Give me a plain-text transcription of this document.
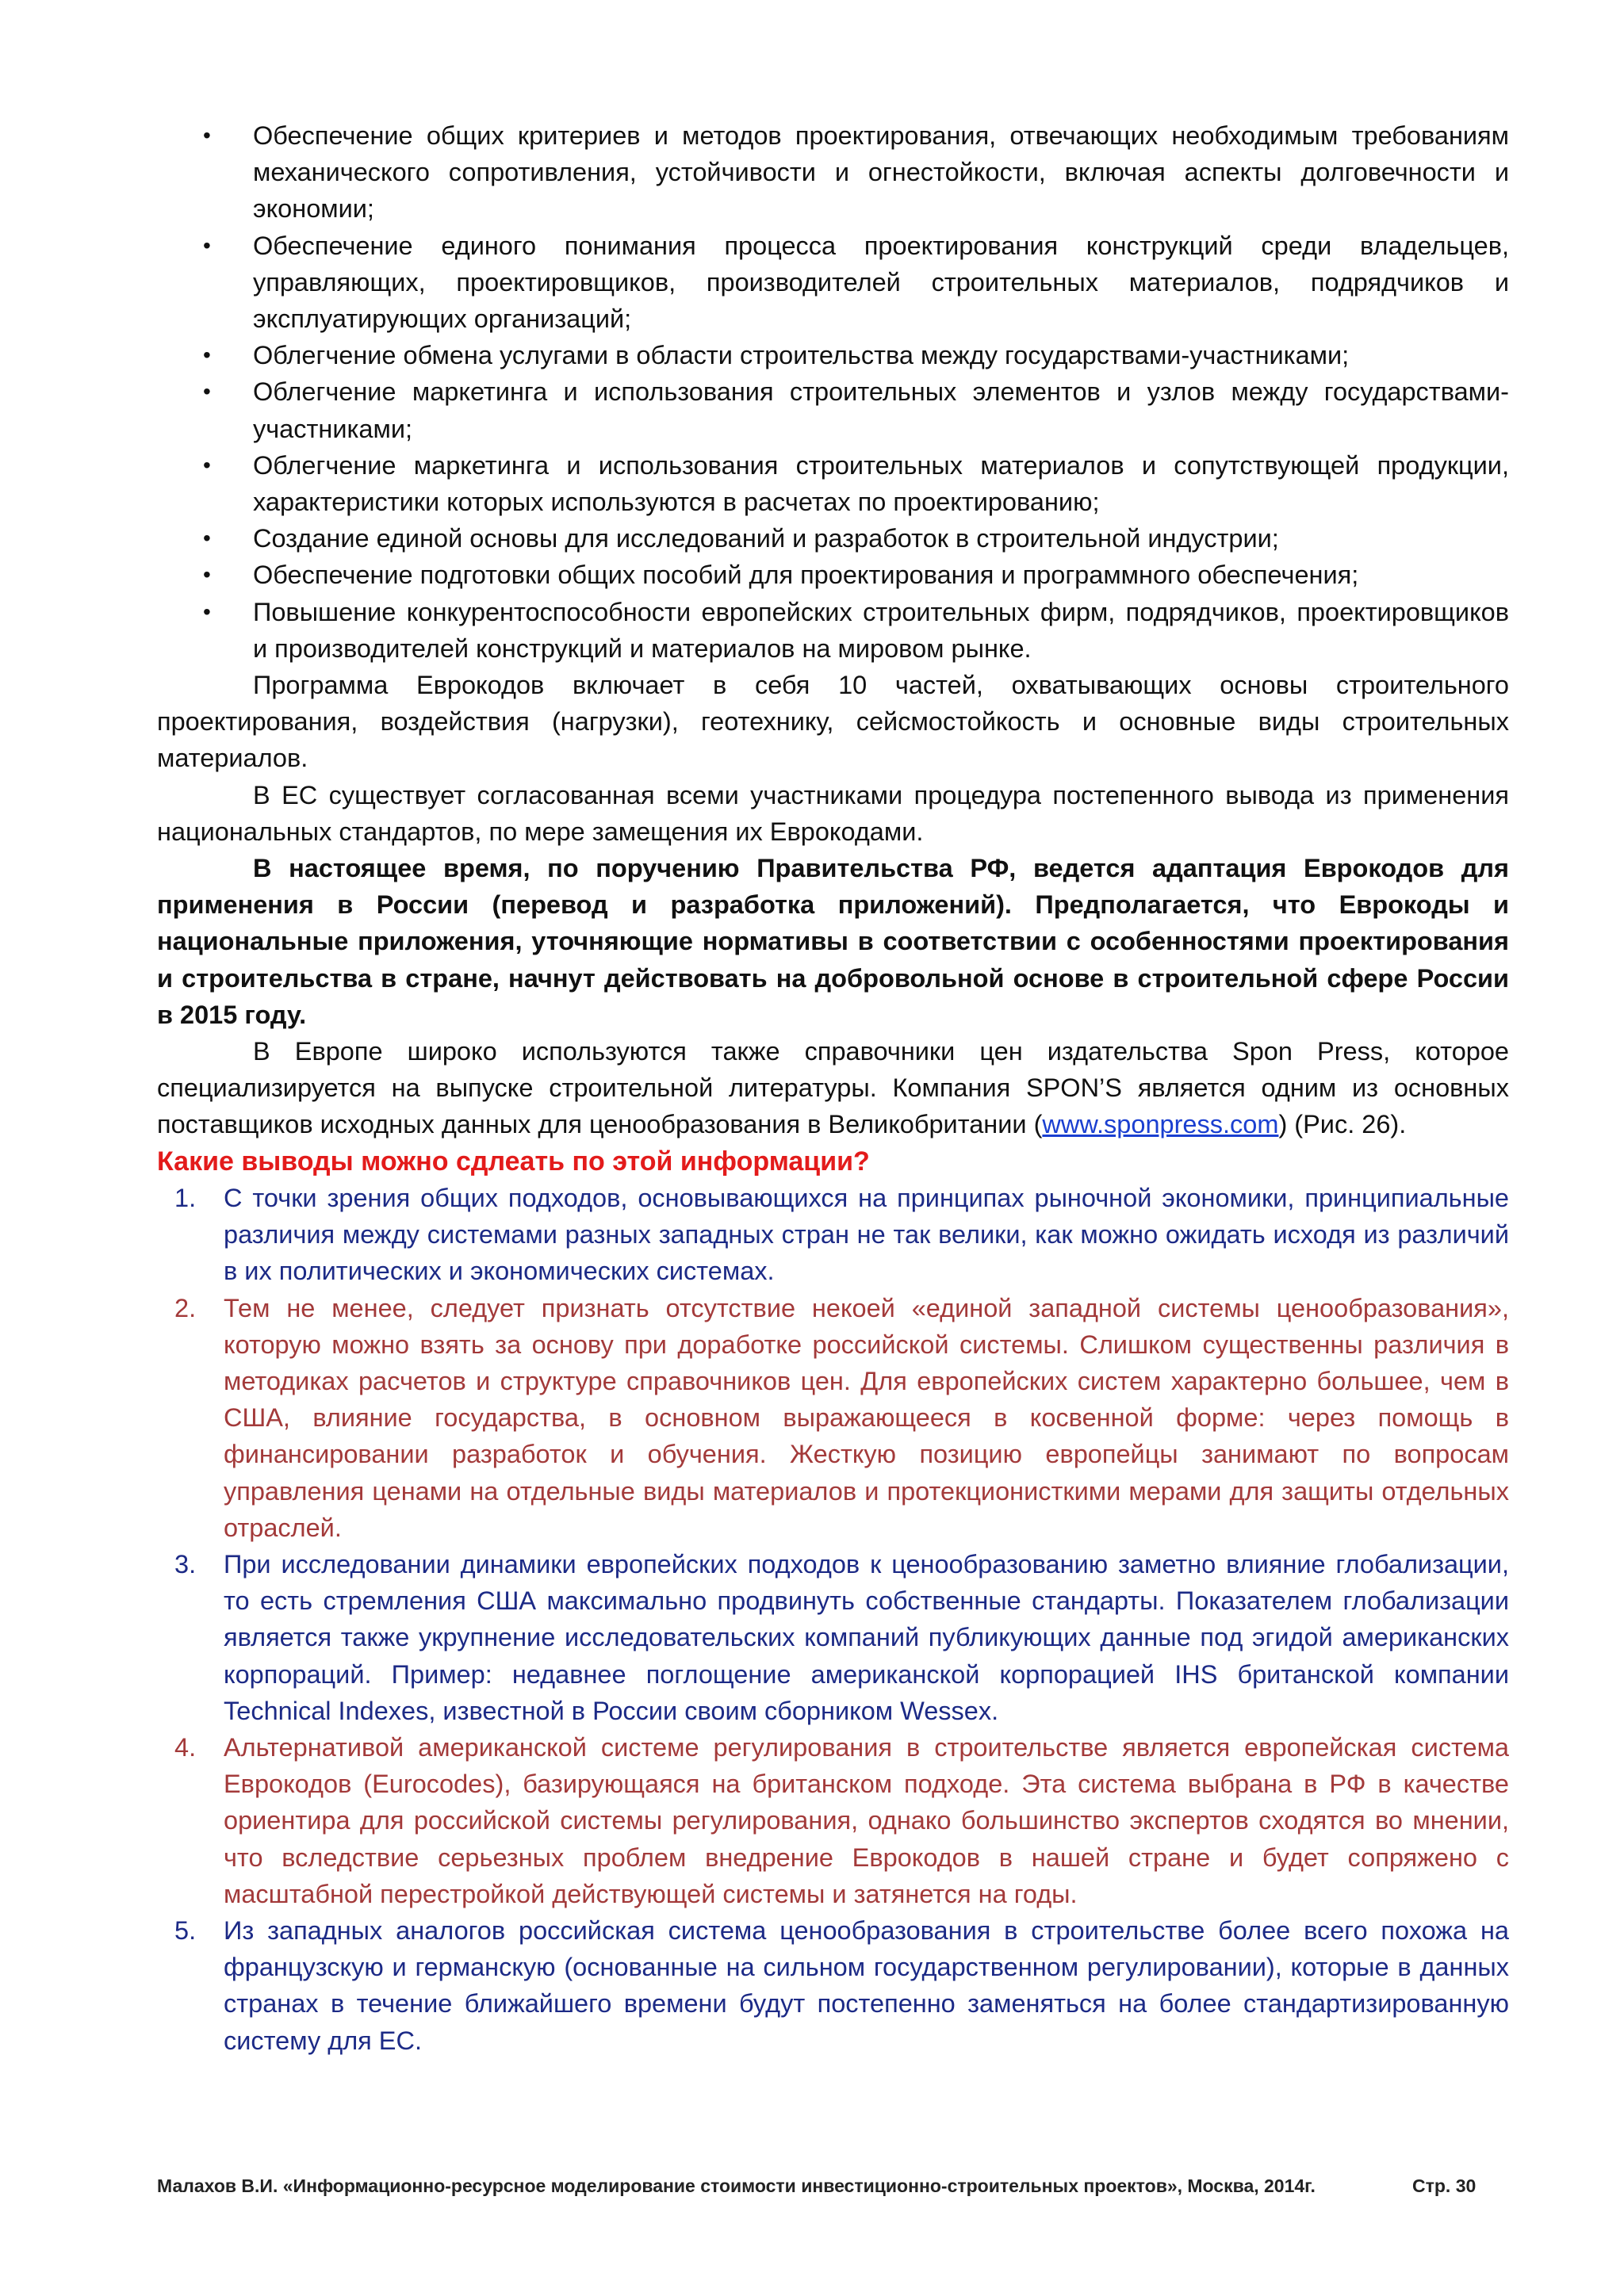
• Обеспечение общих критериев и методов проектирования, отвечающих необходимым требованиям механического сопротивления, устойчивости и огнестойкости, включая аспекты долговечности и экономии;
• Обеспечение единого понимания процесса проектирования конструкций среди владельцев, управляющих, проектировщиков, производителей строительных материалов, подрядчиков и эксплуатирующих организаций;
• Облегчение обмена услугами в области строительства между государствами-участниками;
• Облегчение маркетинга и использования строительных элементов и узлов между государствами-участниками;
• Облегчение маркетинга и использования строительных материалов и сопутствующей продукции, характеристики которых используются в расчетах по проектированию;
• Создание единой основы для исследований и разработок в строительной индустрии;
• Обеспечение подготовки общих пособий для проектирования и программного обеспечения;
• Повышение конкурентоспособности европейских строительных фирм, подрядчиков, проектировщиков и производителей конструкций и материалов на мировом рынке.

Программа Еврокодов включает в себя 10 частей, охватывающих основы строительного проектирования, воздействия (нагрузки), геотехнику, сейсмостойкость и основные виды строительных материалов.

В ЕС существует согласованная всеми участниками процедура постепенного вывода из применения национальных стандартов, по мере замещения их Еврокодами.

В настоящее время, по поручению Правительства РФ, ведется адаптация Еврокодов для применения в России (перевод и разработка приложений). Предполагается, что Еврокоды и национальные приложения, уточняющие нормативы в соответствии с особенностями проектирования и строительства в стране, начнут действовать на добровольной основе в строительной сфере России в 2015 году.

В Европе широко используются также справочники цен издательства Spon Press, которое специализируется на выпуске строительной литературы. Компания SPON’S является одним из основных поставщиков исходных данных для ценообразования в Великобритании (www.sponpress.com) (Рис. 26).

Какие выводы можно сдлеать по этой информации?
1. С точки зрения общих подходов, основывающихся на принципах рыночной экономики, принципиальные различия между системами разных западных стран не так велики, как можно ожидать исходя из различий в их политических и экономических системах.
2. Тем не менее, следует признать отсутствие некоей «единой западной системы ценообразования», которую можно взять за основу при доработке российской системы. Слишком существенны различия в методиках расчетов и структуре справочников цен. Для европейских систем характерно большее, чем в США, влияние государства, в основном выражающееся в косвенной форме: через помощь в финансировании разработок и обучения. Жесткую позицию европейцы занимают по вопросам управления ценами на отдельные виды материалов и протекционисткими мерами для защиты отдельных отраслей.
3. При исследовании динамики европейских подходов к ценообразованию заметно влияние глобализации, то есть стремления США максимально продвинуть собственные стандарты. Показателем глобализации является также укрупнение исследовательских компаний публикующих данные под эгидой американских корпораций. Пример: недавнее поглощение американской корпорацией IHS британской компании Technical Indexes, известной в России своим сборником Wessex.
4. Альтернативой американской системе регулирования в строительстве является европейская система Еврокодов (Eurocodes), базирующаяся на британском подходе. Эта система выбрана в РФ в качестве ориентира для российской системы регулирования, однако большинство экспертов сходятся во мнении, что вследствие серьезных проблем внедрение Еврокодов в нашей стране и будет сопряжено с масштабной перестройкой действующей системы и затянется на годы.
5. Из западных аналогов российская система ценообразования в строительстве более всего похожа на французскую и германскую (основанные на сильном государственном регулировании), которые в данных странах в течение ближайшего времени будут постепенно заменяться на более стандартизированную систему для ЕС.
Малахов В.И. «Информационно-ресурсное моделирование стоимости инвестиционно-строительных проектов», Москва, 2014г.	Стр. 30
